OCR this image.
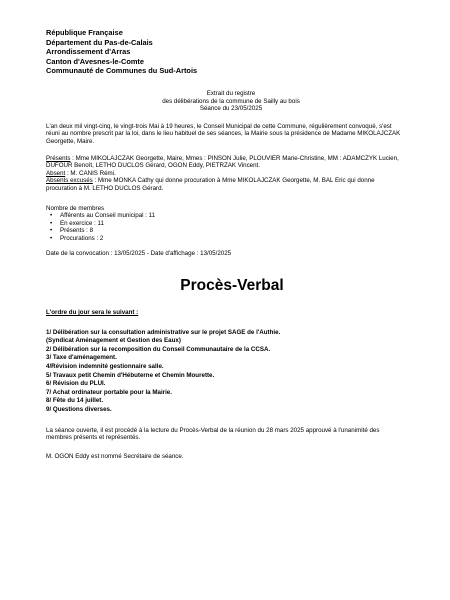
République Française
Département du Pas-de-Calais
Arrondissement d'Arras
Canton d'Avesnes-le-Comte
Communauté de Communes du Sud-Artois
Extrait du registre
des délibérations de la commune de Sailly au bois
Séance du 23/05/2025
L'an deux mil vingt-cinq, le vingt-trois Mai à 19 heures, le Conseil Municipal de cette Commune, régulièrement convoqué, s'est réuni au nombre prescrit par la loi, dans le lieu habituel de ses séances, la Mairie sous la présidence de Madame MIKOLAJCZAK Georgette, Maire.
Présents : Mme MIKOLAJCZAK Georgette, Maire, Mmes : PINSON Julie, PLOUVIER Marie-Christine, MM : ADAMCZYK Lucien, DUFOUR Benoît, LETHO DUCLOS Gérard, OGON Eddy, PIETRZAK Vincent.
Absent : M. CANIS Rémi.
Absents excusés : Mme MONKA Cathy qui donne procuration à Mme MIKOLAJCZAK Georgette, M. BAL Eric qui donne procuration à M. LETHO DUCLOS Gérard.
Nombre de membres
• Afférents au Conseil municipal : 11
• En exercice : 11
• Présents : 8
• Procurations : 2
Date de la convocation : 13/05/2025 - Date d'affichage : 13/05/2025
Procès-Verbal
L'ordre du jour sera le suivant :
1/ Délibération sur la consultation administrative sur le projet SAGE de l'Authie.
(Syndicat Aménagement et Gestion des Eaux)
2/ Délibération sur la recomposition du Conseil Communautaire de la CCSA.
3/ Taxe d'aménagement.
4/Révision indemnité gestionnaire salle.
5/ Travaux petit Chemin d'Hébuterne et Chemin Mourette.
6/ Révision du PLUI.
7/ Achat ordinateur portable pour la Mairie.
8/ Fête du 14 juillet.
9/ Questions diverses.
La séance ouverte, il est procédé à la lecture du Procès-Verbal de la réunion du 28 mars 2025 approuvé à l'unanimité des membres présents et représentés.
M. OGON Eddy est nommé Secrétaire de séance.
